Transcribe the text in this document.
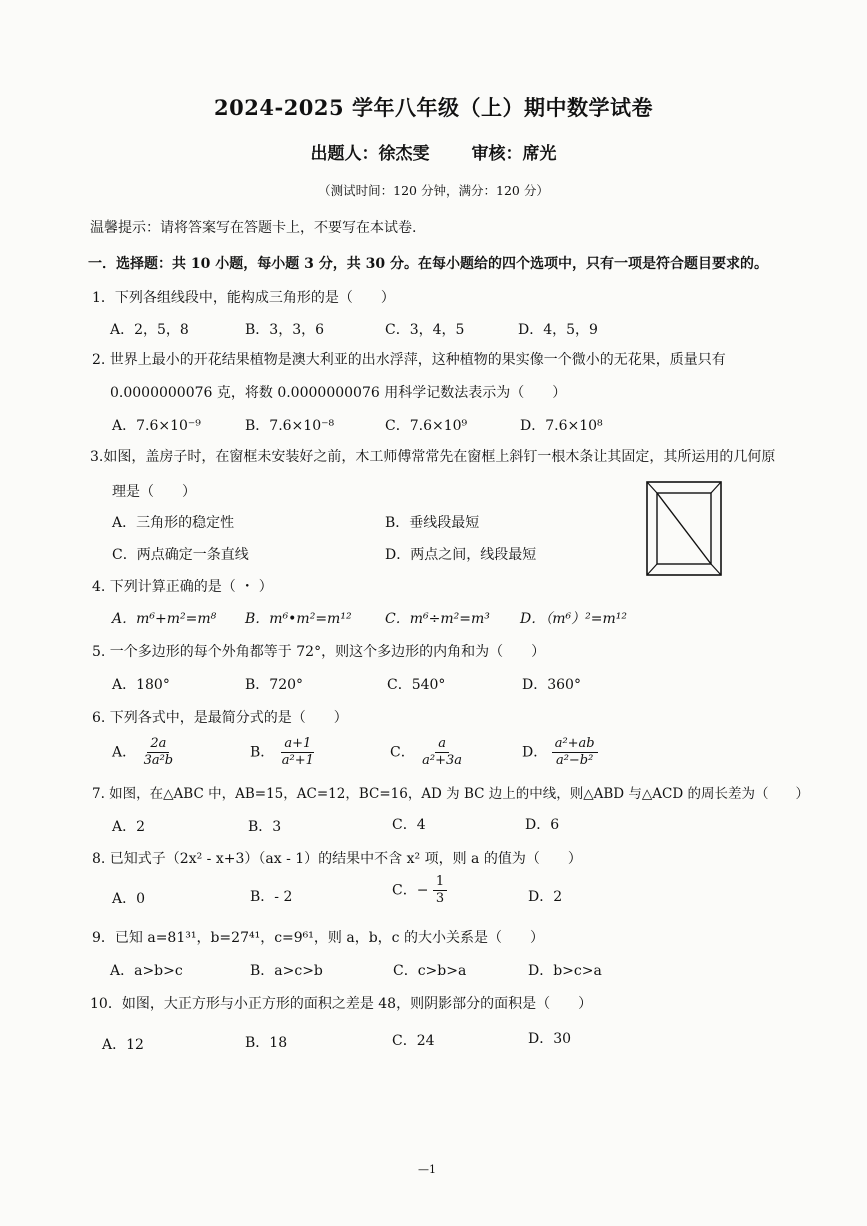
2024-2025 学年八年级（上）期中数学试卷
出题人：徐杰雯 审核：席光
（测试时间：120 分钟，满分：120 分）
温馨提示：请将答案写在答题卡上，不要写在本试卷.
一．选择题：共 10 小题，每小题 3 分，共 30 分。在每小题给的四个选项中，只有一项是符合题目要求的。
1．下列各组线段中，能构成三角形的是（　　）
A．2，5，8	B．3，3，6	C．3，4，5	D．4，5，9
2. 世界上最小的开花结果植物是澳大利亚的出水浮萍，这种植物的果实像一个微小的无花果，质量只有
0.0000000076 克，将数 0.0000000076 用科学记数法表示为（　　）
A．7.6×10⁻⁹	B．7.6×10⁻⁸	C．7.6×10⁹	D．7.6×10⁸
3.如图，盖房子时，在窗框未安装好之前，木工师傅常常先在窗框上斜钉一根木条让其固定，其所运用的几何原
理是（　　）
A．三角形的稳定性	B．垂线段最短
C．两点确定一条直线	D．两点之间，线段最短
4. 下列计算正确的是（ ・ ）
A．m⁶+m²=m⁸ B．m⁶•m²=m¹² C．m⁶÷m²=m³ D．（m⁶）²=m¹²
5. 一个多边形的每个外角都等于 72°，则这个多边形的内角和为（　　）
A．180°	B．720°	C．540°	D．360°
6. 下列各式中，是最简分式的是（　　）
A． $\frac{2a}{\text{3a²b}}$	B． $\frac{a+1}{\text{a²+1}}$	C． $\frac{a}{\text{a²+3a}}$	D． $\frac{\text{a²+ab}}{\text{a²−b²}}$
7. 如图，在△ABC 中，AB=15，AC=12，BC=16，AD 为 BC 边上的中线，则△ABD 与△ACD 的周长差为（　　）
A．2	B．3	C．4	D．6
8. 已知式子（2x² - x+3）（ax - 1）的结果中不含 x² 项，则 a 的值为（　　）
A．0	B．- 2	C．− $\frac{1}{3}$	D．2
9．已知 a=81³¹，b=27⁴¹，c=9⁶¹，则 a，b，c 的大小关系是（　　）
A．a>b>c	B．a>c>b	C．c>b>a	D．b>c>a
10．如图，大正方形与小正方形的面积之差是 48，则阴影部分的面积是（　　）
A．12	B．18	C．24	D．30
—1
